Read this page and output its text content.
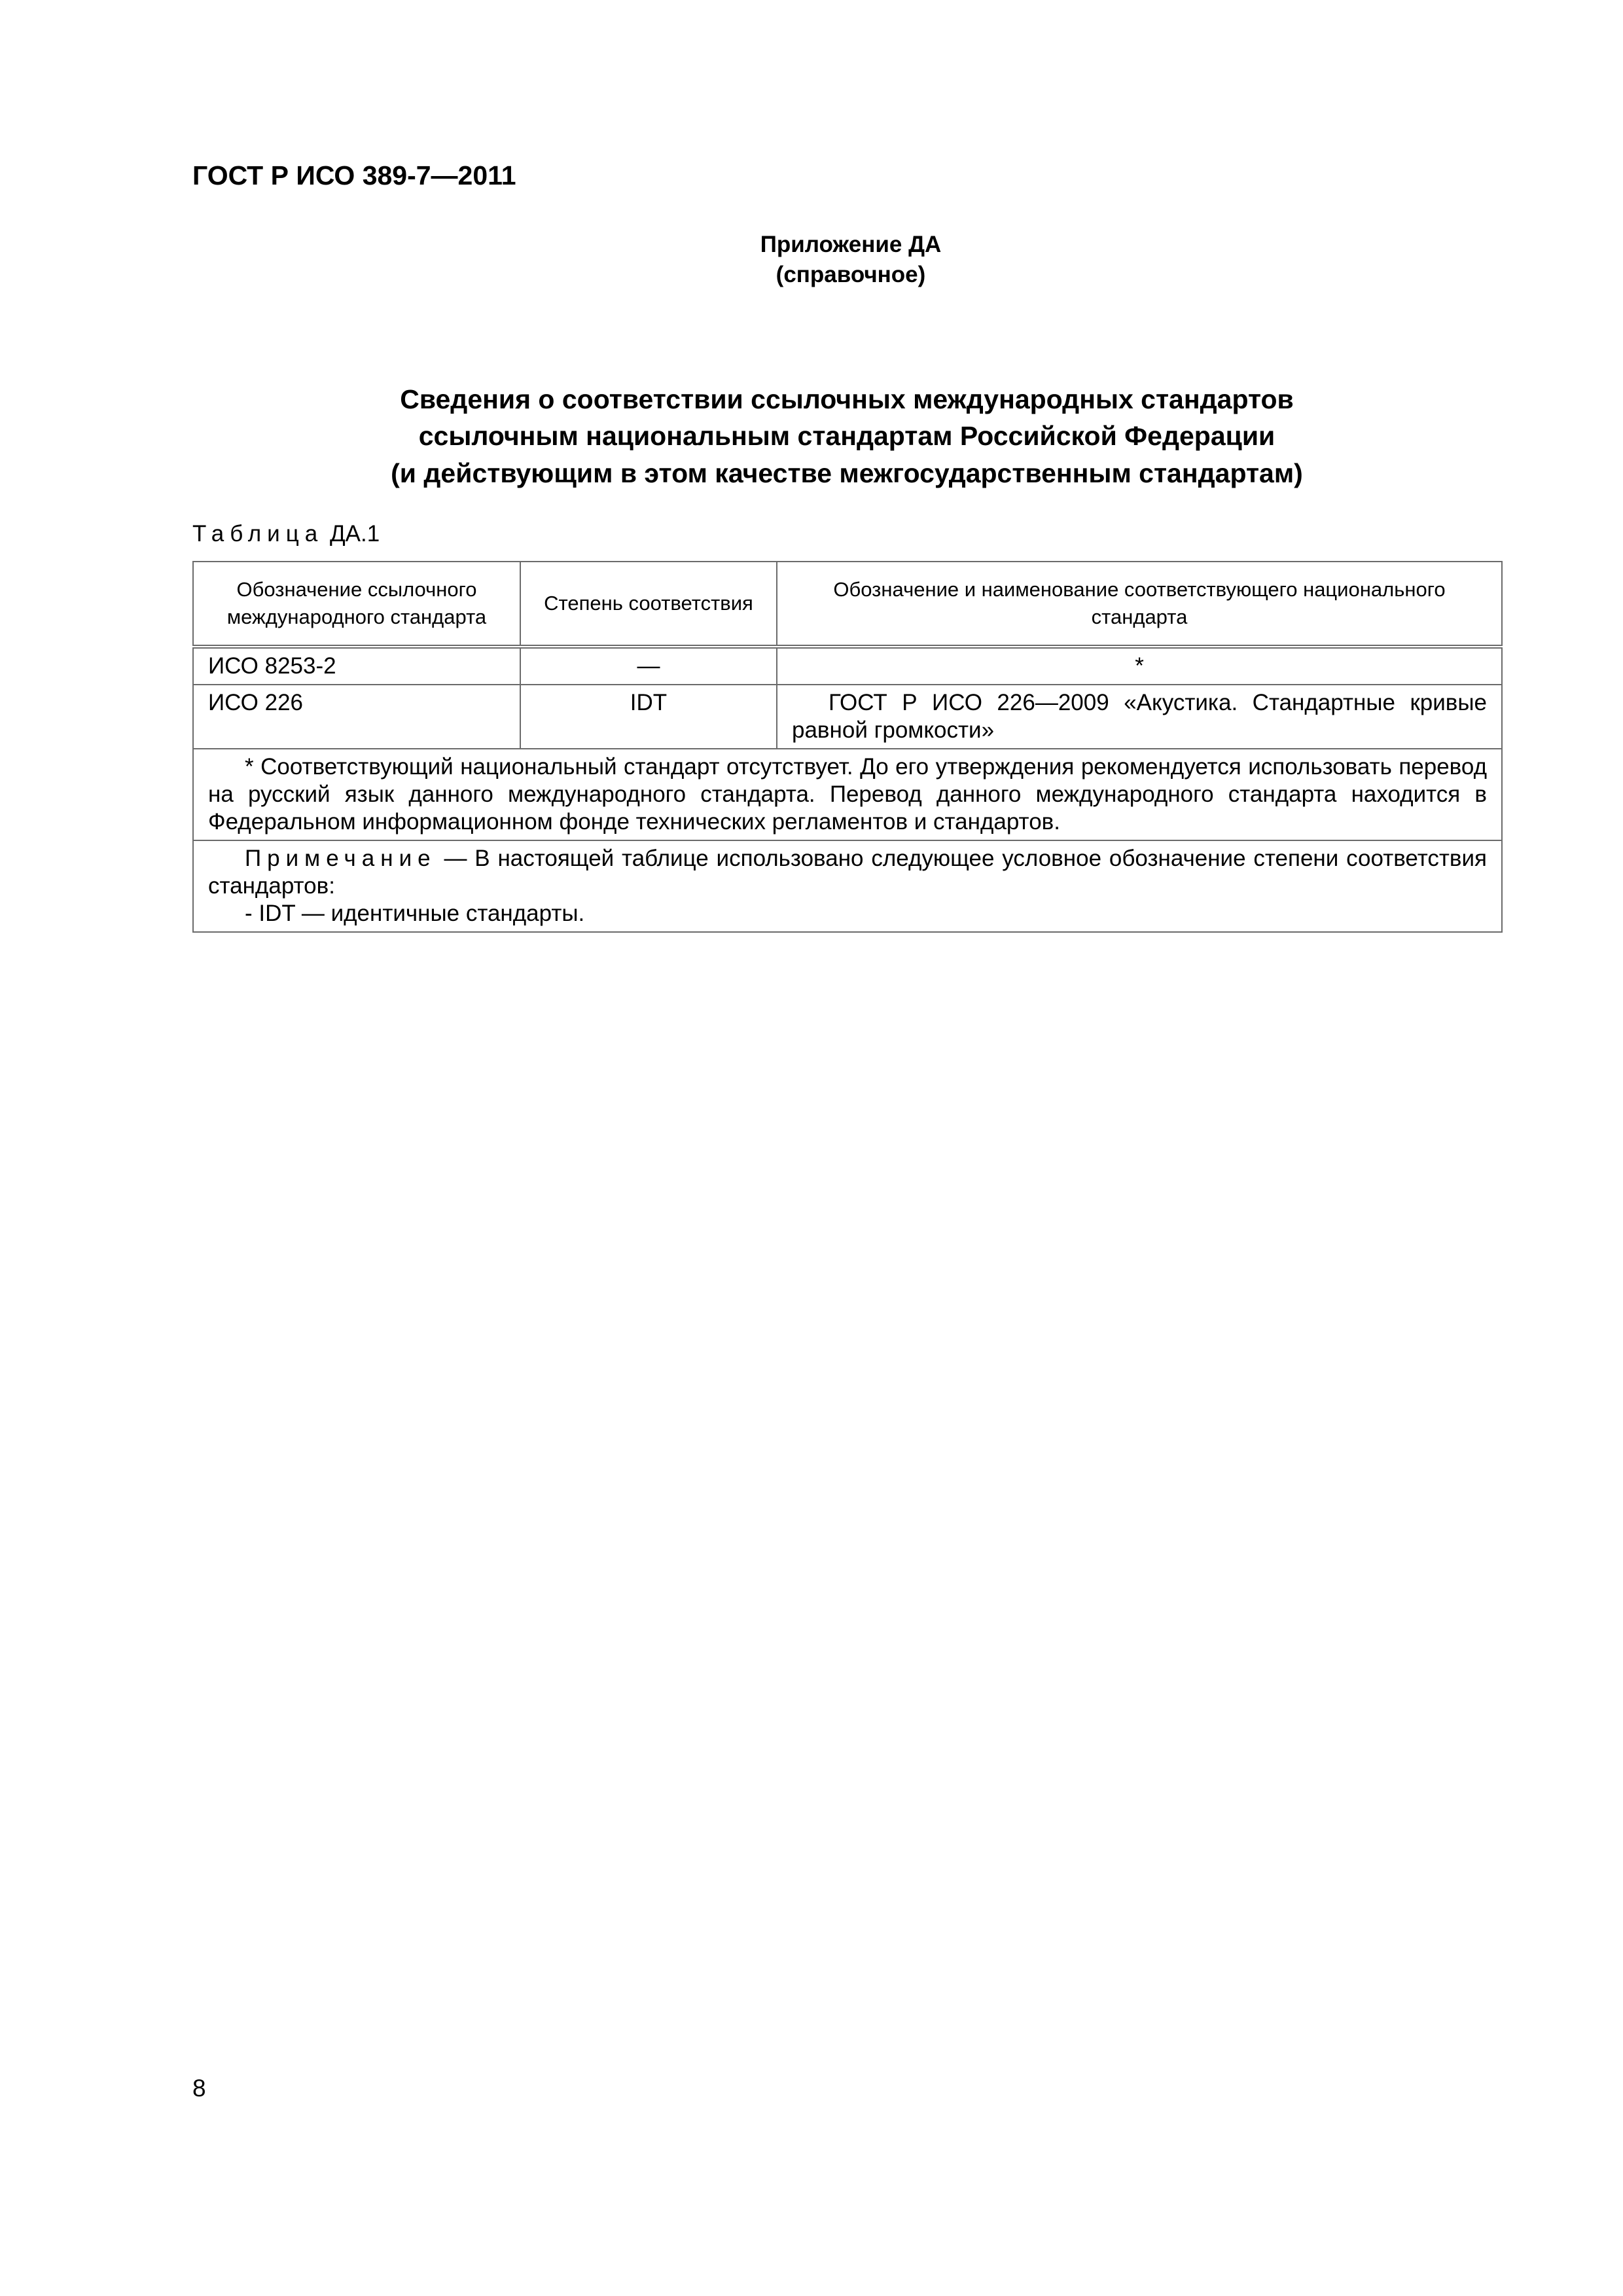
ГОСТ Р ИСО 389-7—2011
Приложение ДА
(справочное)
Сведения о соответствии ссылочных международных стандартов
ссылочным национальным стандартам Российской Федерации
(и действующим в этом качестве межгосударственным стандартам)
Таблица ДА.1
Обозначение ссылочного международного стандарта	Степень соответствия	Обозначение и наименование соответствующего национального стандарта
ИСО 8253-2	—	*
ИСО 226	IDT	ГОСТ Р ИСО 226—2009 «Акустика. Стандартные кривые равной громкости»
* Соответствующий национальный стандарт отсутствует. До его утверждения рекомендуется использовать перевод на русский язык данного международного стандарта. Перевод данного международного стандарта находится в Федеральном информационном фонде технических регламентов и стандартов.		

Примечание — В настоящей таблице использовано следующее условное обозначение степени соответствия стандартов:
- IDT — идентичные стандарты.		
8
